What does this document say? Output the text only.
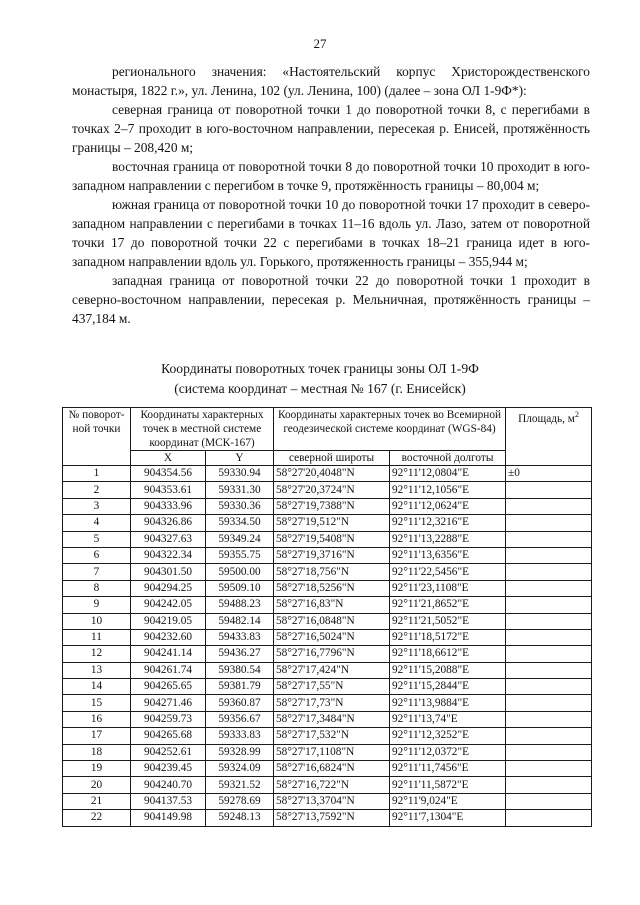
27

регионального значения: «Настоятельский корпус Христорождественского монастыря, 1822 г.», ул. Ленина, 102 (ул. Ленина, 100) (далее – зона ОЛ 1-9Ф*):

северная граница от поворотной точки 1 до поворотной точки 8, с перегибами в точках 2–7 проходит в юго-восточном направлении, пересекая р. Енисей, протяжённость границы – 208,420 м;

восточная граница от поворотной точки 8 до поворотной точки 10 проходит в юго-западном направлении с перегибом в точке 9, протяжённость границы – 80,004 м;

южная граница от поворотной точки 10 до поворотной точки 17 проходит в северо-западном направлении с перегибами в точках 11–16 вдоль ул. Лазо, затем от поворотной точки 17 до поворотной точки 22 с перегибами в точках 18–21 граница идет в юго-западном направлении вдоль ул. Горького, протяженность границы – 355,944 м;

западная граница от поворотной точки 22 до поворотной точки 1 проходит в северно-восточном направлении, пересекая р. Мельничная, протяжённость границы – 437,184 м.

Координаты поворотных точек границы зоны ОЛ 1-9Ф
(система координат – местная № 167 (г. Енисейск)
№ поворот-ной точки	Координаты характерных точек в местной системе координат (МСК-167)		Координаты характерных точек во Всемирной геодезической системе координат (WGS-84)		Площадь, $м^2$
	X	Y	северной широты	восточной долготы	
1	904354.56	59330.94	58°27'20,4048"N	92°11'12,0804"E	±0
2	904353.61	59331.30	58°27'20,3724"N	92°11'12,1056"E	
3	904333.96	59330.36	58°27'19,7388"N	92°11'12,0624"E	
4	904326.86	59334.50	58°27'19,512"N	92°11'12,3216"E	
5	904327.63	59349.24	58°27'19,5408"N	92°11'13,2288"E	
6	904322.34	59355.75	58°27'19,3716"N	92°11'13,6356"E	
7	904301.50	59500.00	58°27'18,756"N	92°11'22,5456"E	
8	904294.25	59509.10	58°27'18,5256"N	92°11'23,1108"E	
9	904242.05	59488.23	58°27'16,83"N	92°11'21,8652"E	
10	904219.05	59482.14	58°27'16,0848"N	92°11'21,5052"E	
11	904232.60	59433.83	58°27'16,5024"N	92°11'18,5172"E	
12	904241.14	59436.27	58°27'16,7796"N	92°11'18,6612"E	
13	904261.74	59380.54	58°27'17,424"N	92°11'15,2088"E	
14	904265.65	59381.79	58°27'17,55"N	92°11'15,2844"E	
15	904271.46	59360.87	58°27'17,73"N	92°11'13,9884"E	
16	904259.73	59356.67	58°27'17,3484"N	92°11'13,74"E	
17	904265.68	59333.83	58°27'17,532"N	92°11'12,3252"E	
18	904252.61	59328.99	58°27'17,1108"N	92°11'12,0372"E	
19	904239.45	59324.09	58°27'16,6824"N	92°11'11,7456"E	
20	904240.70	59321.52	58°27'16,722"N	92°11'11,5872"E	
21	904137.53	59278.69	58°27'13,3704"N	92°11'9,024"E	
22	904149.98	59248.13	58°27'13,7592"N	92°11'7,1304"E	
